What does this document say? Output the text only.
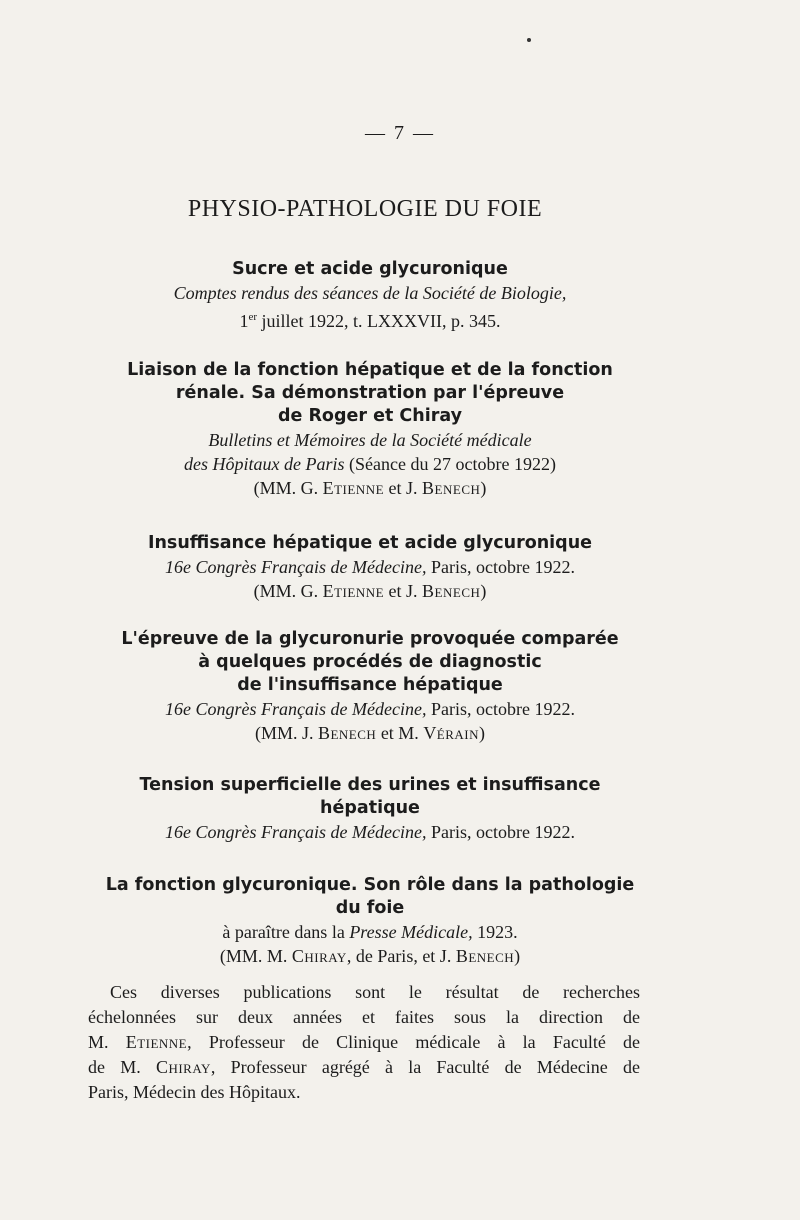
— 7 —
PHYSIO-PATHOLOGIE DU FOIE
Sucre et acide glycuronique
Comptes rendus des séances de la Société de Biologie,
1er juillet 1922, t. LXXXVII, p. 345.
Liaison de la fonction hépatique et de la fonction
rénale. Sa démonstration par l'épreuve
de Roger et Chiray
Bulletins et Mémoires de la Société médicale
des Hôpitaux de Paris (Séance du 27 octobre 1922)
(MM. G. Etienne et J. Benech)
Insuffisance hépatique et acide glycuronique
16e Congrès Français de Médecine, Paris, octobre 1922.
(MM. G. Etienne et J. Benech)
L'épreuve de la glycuronurie provoquée comparée
à quelques procédés de diagnostic
de l'insuffisance hépatique
16e Congrès Français de Médecine, Paris, octobre 1922.
(MM. J. Benech et M. Vérain)
Tension superficielle des urines et insuffisance
hépatique
16e Congrès Français de Médecine, Paris, octobre 1922.
La fonction glycuronique. Son rôle dans la pathologie
du foie
à paraître dans la Presse Médicale, 1923.
(MM. M. Chiray, de Paris, et J. Benech)
Ces diverses publications sont le résultat de recherches
échelonnées sur deux années et faites sous la direction de
M. Etienne, Professeur de Clinique médicale à la Faculté de
de M. Chiray, Professeur agrégé à la Faculté de Médecine de
Paris, Médecin des Hôpitaux.
